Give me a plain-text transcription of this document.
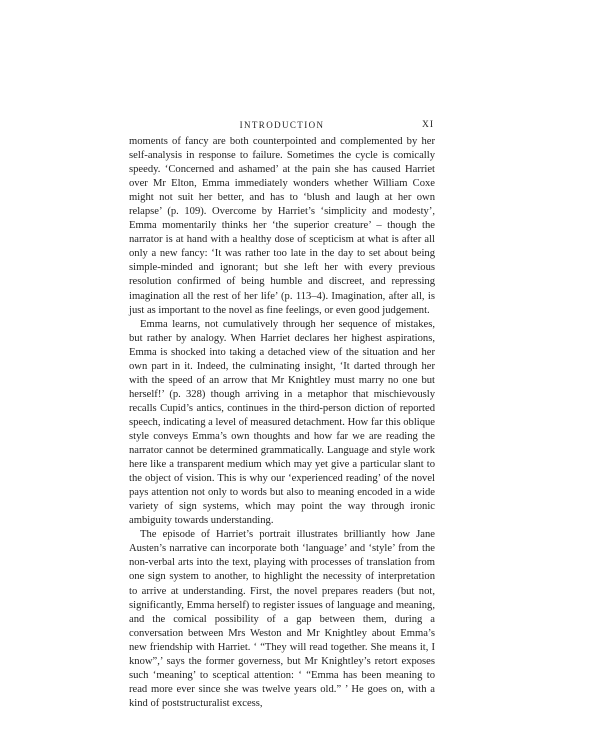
INTRODUCTION	XI

moments of fancy are both counterpointed and complemented by her self-analysis in response to failure. Sometimes the cycle is comically speedy. ‘Concerned and ashamed’ at the pain she has caused Harriet over Mr Elton, Emma immediately wonders whether William Coxe might not suit her better, and has to ‘blush and laugh at her own relapse’ (p. 109). Overcome by Harriet’s ‘simplicity and modesty’, Emma momentarily thinks her ‘the superior creature’ – though the narrator is at hand with a healthy dose of scepticism at what is after all only a new fancy: ‘It was rather too late in the day to set about being simple-minded and ignorant; but she left her with every previous resolution confirmed of being humble and discreet, and repressing imagination all the rest of her life’ (p. 113–4). Imagination, after all, is just as important to the novel as fine feelings, or even good judgement.

Emma learns, not cumulatively through her sequence of mistakes, but rather by analogy. When Harriet declares her highest aspirations, Emma is shocked into taking a detached view of the situation and her own part in it. Indeed, the culminating insight, ‘It darted through her with the speed of an arrow that Mr Knightley must marry no one but herself!’ (p. 328) though arriving in a metaphor that mischievously recalls Cupid’s antics, continues in the third-person diction of reported speech, indicating a level of measured detachment. How far this oblique style conveys Emma’s own thoughts and how far we are reading the narrator cannot be determined grammatically. Language and style work here like a transparent medium which may yet give a particular slant to the object of vision. This is why our ‘experienced reading’ of the novel pays attention not only to words but also to meaning encoded in a wide variety of sign systems, which may point the way through ironic ambiguity towards understanding.

The episode of Harriet’s portrait illustrates brilliantly how Jane Austen’s narrative can incorporate both ‘language’ and ‘style’ from the non-verbal arts into the text, playing with processes of translation from one sign system to another, to highlight the necessity of interpretation to arrive at understanding. First, the novel prepares readers (but not, significantly, Emma herself) to register issues of language and meaning, and the comical possibility of a gap between them, during a conversation between Mrs Weston and Mr Knightley about Emma’s new friendship with Harriet. ‘ “They will read together. She means it, I know”,’ says the former governess, but Mr Knightley’s retort exposes such ‘meaning’ to sceptical attention: ‘ “Emma has been meaning to read more ever since she was twelve years old.” ’ He goes on, with a kind of poststructuralist excess,
